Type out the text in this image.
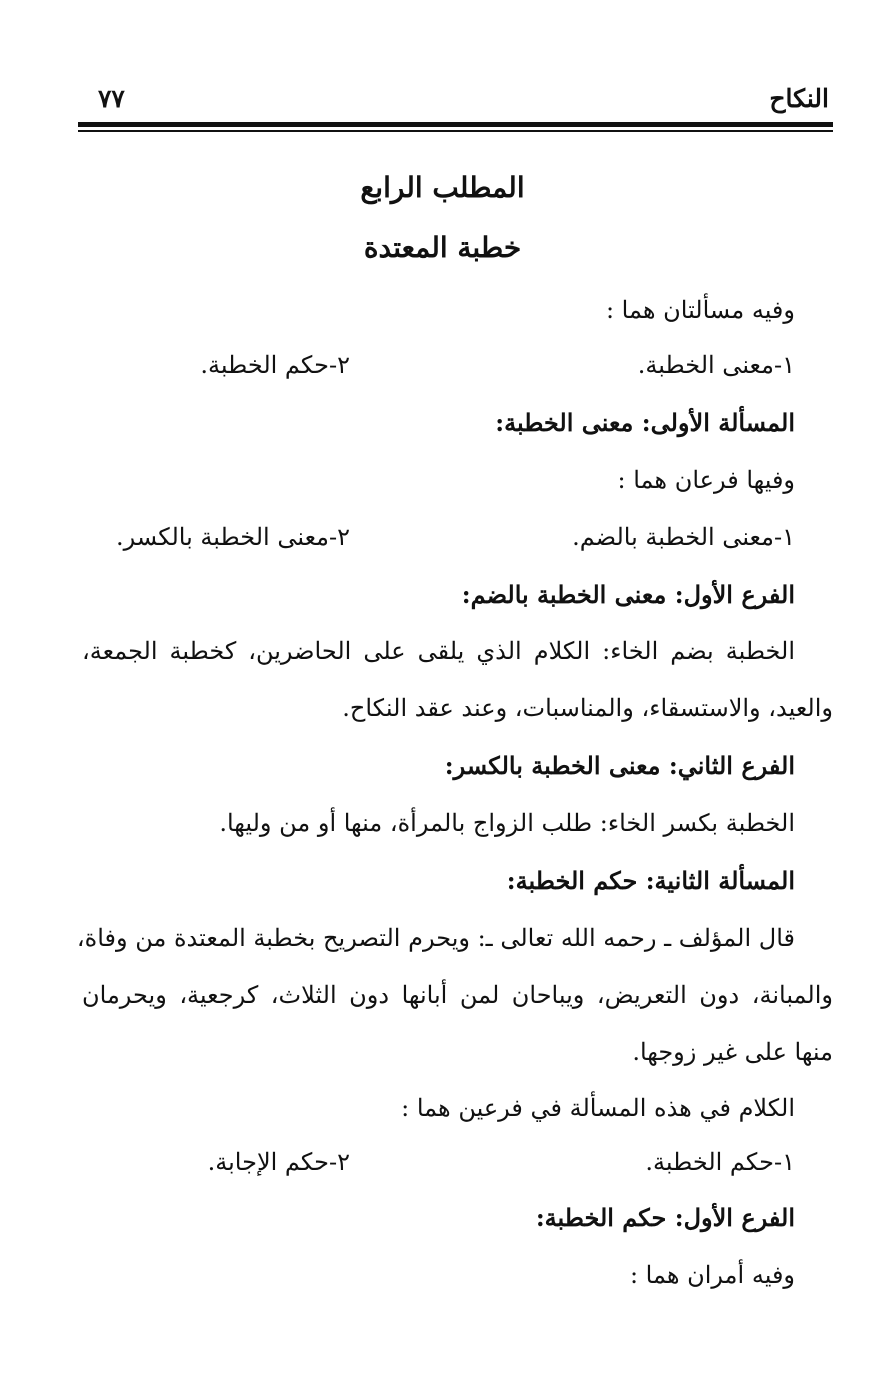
النكاح
٧٧
المطلب الرابع
خطبة المعتدة
وفيه مسألتان هما :
١-معنى الخطبة.
٢-حكم الخطبة.
المسألة الأولى: معنى الخطبة:
وفيها فرعان هما :
١-معنى الخطبة بالضم.
٢-معنى الخطبة بالكسر.
الفرع الأول: معنى الخطبة بالضم:
الخطبة بضم الخاء: الكلام الذي يلقى على الحاضرين، كخطبة الجمعة،
والعيد، والاستسقاء، والمناسبات، وعند عقد النكاح.
الفرع الثاني: معنى الخطبة بالكسر:
الخطبة بكسر الخاء: طلب الزواج بالمرأة، منها أو من وليها.
المسألة الثانية: حكم الخطبة:
قال المؤلف ـ رحمه الله تعالى ـ: ويحرم التصريح بخطبة المعتدة من وفاة،
والمبانة، دون التعريض، ويباحان لمن أبانها دون الثلاث، كرجعية، ويحرمان
منها على غير زوجها.
الكلام في هذه المسألة في فرعين هما :
١-حكم الخطبة.
٢-حكم الإجابة.
الفرع الأول: حكم الخطبة:
وفيه أمران هما :
